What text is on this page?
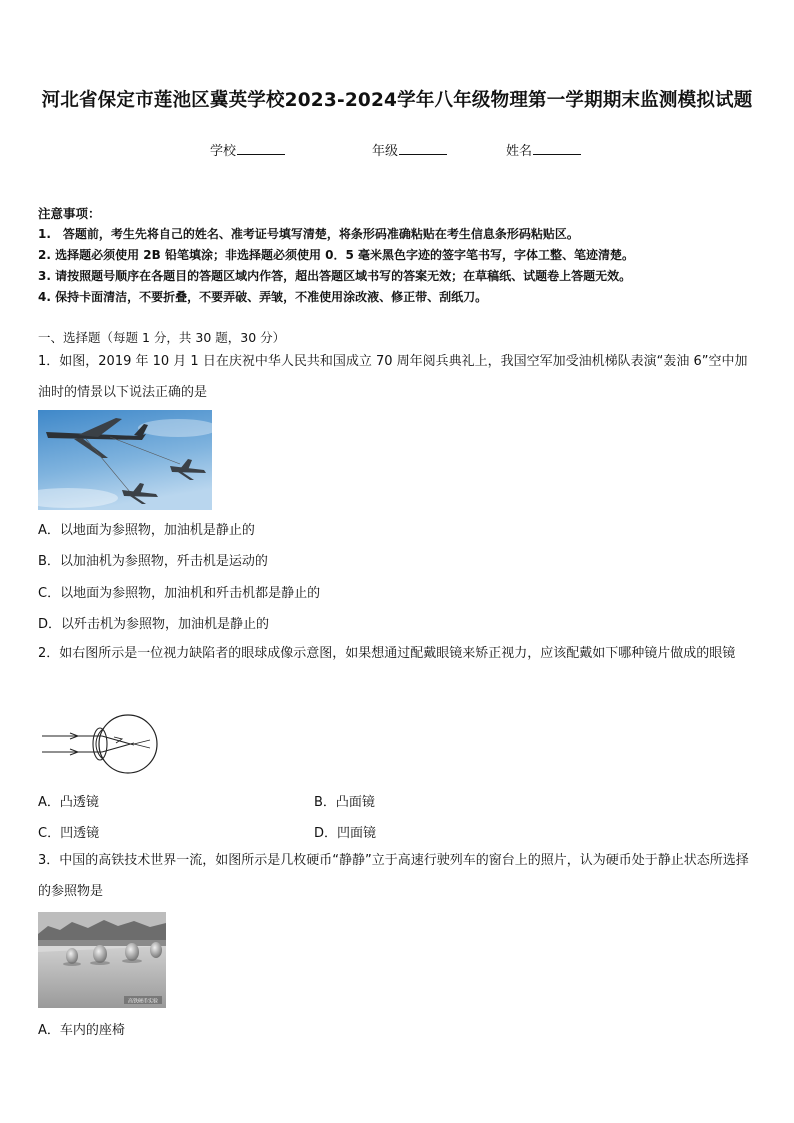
河北省保定市莲池区冀英学校2023-2024学年八年级物理第一学期期末监测模拟试题
学校	年级	姓名
注意事项：
1.　答题前，考生先将自己的姓名、准考证号填写清楚，将条形码准确粘贴在考生信息条形码粘贴区。
2. 选择题必须使用 2B 铅笔填涂；非选择题必须使用 0．5 毫米黑色字迹的签字笔书写，字体工整、笔迹清楚。
3. 请按照题号顺序在各题目的答题区域内作答，超出答题区域书写的答案无效；在草稿纸、试题卷上答题无效。
4. 保持卡面清洁，不要折叠，不要弄破、弄皱，不准使用涂改液、修正带、刮纸刀。
一、选择题（每题 1 分，共 30 题，30 分）
1．如图，2019 年 10 月 1 日在庆祝中华人民共和国成立 70 周年阅兵典礼上，我国空军加受油机梯队表演“轰油 6”空中加油时的情景以下说法正确的是
A．以地面为参照物，加油机是静止的
B．以加油机为参照物，歼击机是运动的
C．以地面为参照物，加油机和歼击机都是静止的
D．以歼击机为参照物，加油机是静止的
2．如右图所示是一位视力缺陷者的眼球成像示意图，如果想通过配戴眼镜来矫正视力，应该配戴如下哪种镜片做成的眼镜
A．凸透镜	B．凸面镜
C．凹透镜	D．凹面镜
3．中国的高铁技术世界一流，如图所示是几枚硬币“静静”立于高速行驶列车的窗台上的照片，认为硬币处于静止状态所选择的参照物是
高铁硬币实验
A．车内的座椅
